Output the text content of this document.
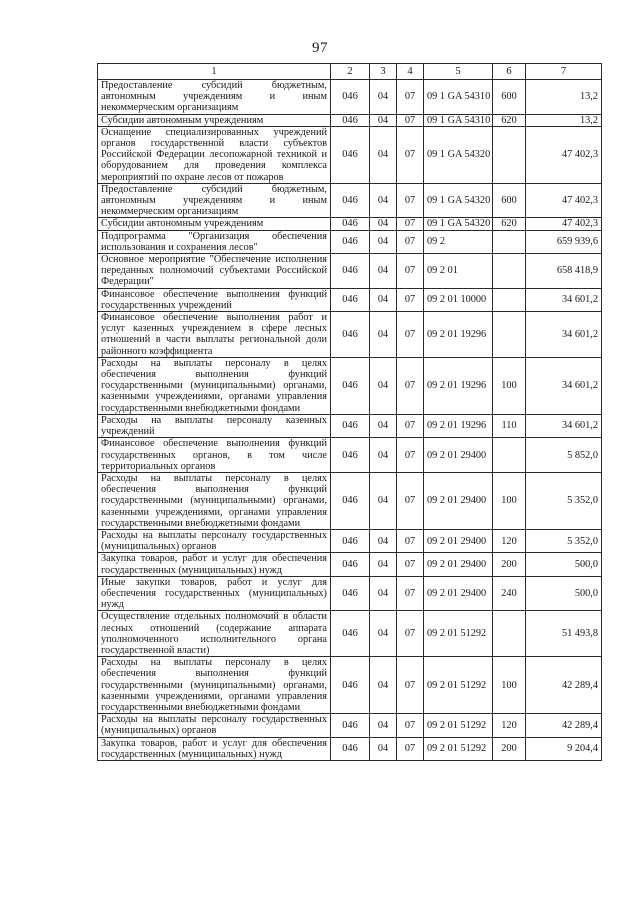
97
1	2	3	4	5	6	7
Предоставление субсидий бюджетным, автономным учреждениям и иным некоммерческим организациям	046	04	07	09 1 GA 54310	600	13,2
Субсидии автономным учреждениям	046	04	07	09 1 GA 54310	620	13,2
Оснащение специализированных учреждений органов государственной власти субъектов Российской Федерации лесопожарной техникой и оборудованием для проведения комплекса мероприятий по охране лесов от пожаров	046	04	07	09 1 GA 54320		47 402,3
Предоставление субсидий бюджетным, автономным учреждениям и иным некоммерческим организациям	046	04	07	09 1 GA 54320	600	47 402,3
Субсидии автономным учреждениям	046	04	07	09 1 GA 54320	620	47 402,3
Подпрограмма "Организация обеспечения использования и сохранения лесов"	046	04	07	09 2		659 939,6
Основное мероприятие "Обеспечение исполнения переданных полномочий субъектами Российской Федерации"	046	04	07	09 2 01		658 418,9
Финансовое обеспечение выполнения функций государственных учреждений	046	04	07	09 2 01 10000		34 601,2
Финансовое обеспечение выполнения работ и услуг казенных учреждением в сфере лесных отношений в части выплаты региональной доли районного коэффициента	046	04	07	09 2 01 19296		34 601,2
Расходы на выплаты персоналу в целях обеспечения выполнения функций государственными (муниципальными) органами, казенными учреждениями, органами управления государственными внебюджетными фондами	046	04	07	09 2 01 19296	100	34 601,2
Расходы на выплаты персоналу казенных учреждений	046	04	07	09 2 01 19296	110	34 601,2
Финансовое обеспечение выполнения функций государственных органов, в том числе территориальных органов	046	04	07	09 2 01 29400		5 852,0
Расходы на выплаты персоналу в целях обеспечения выполнения функций государственными (муниципальными) органами, казенными учреждениями, органами управления государственными внебюджетными фондами	046	04	07	09 2 01 29400	100	5 352,0
Расходы на выплаты персоналу государственных (муниципальных) органов	046	04	07	09 2 01 29400	120	5 352,0
Закупка товаров, работ и услуг для обеспечения государственных (муниципальных) нужд	046	04	07	09 2 01 29400	200	500,0
Иные закупки товаров, работ и услуг для обеспечения государственных (муниципальных) нужд	046	04	07	09 2 01 29400	240	500,0
Осуществление отдельных полномочий в области лесных отношений (содержание аппарата уполномоченного исполнительного органа государственной власти)	046	04	07	09 2 01 51292		51 493,8
Расходы на выплаты персоналу в целях обеспечения выполнения функций государственными (муниципальными) органами, казенными учреждениями, органами управления государственными внебюджетными фондами	046	04	07	09 2 01 51292	100	42 289,4
Расходы на выплаты персоналу государственных (муниципальных) органов	046	04	07	09 2 01 51292	120	42 289,4
Закупка товаров, работ и услуг для обеспечения государственных (муниципальных) нужд	046	04	07	09 2 01 51292	200	9 204,4
